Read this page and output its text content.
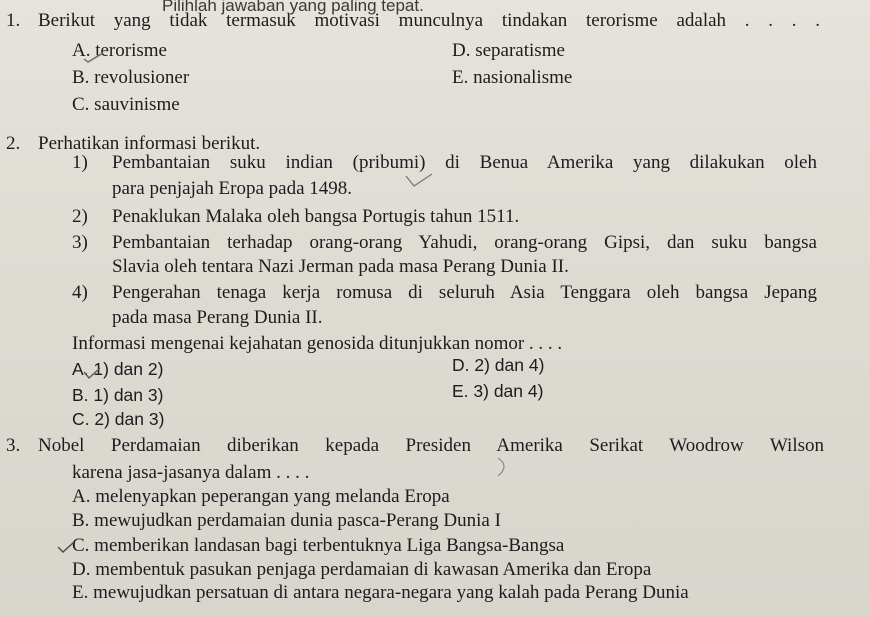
Pilihlah jawaban yang paling tepat.
1. Berikut yang tidak termasuk motivasi munculnya tindakan terorisme adalah . . . .
A. terorisme
B. revolusioner
C. sauvinisme
D. separatisme
E. nasionalisme
2. Perhatikan informasi berikut.
1) Pembantaian suku indian (pribumi) di Benua Amerika yang dilakukan oleh
para penjajah Eropa pada 1498.
2) Penaklukan Malaka oleh bangsa Portugis tahun 1511.
3) Pembantaian terhadap orang-orang Yahudi, orang-orang Gipsi, dan suku bangsa
Slavia oleh tentara Nazi Jerman pada masa Perang Dunia II.
4) Pengerahan tenaga kerja romusa di seluruh Asia Tenggara oleh bangsa Jepang
pada masa Perang Dunia II.
Informasi mengenai kejahatan genosida ditunjukkan nomor . . . .
A. 1) dan 2)
B. 1) dan 3)
C. 2) dan 3)
D. 2) dan 4)
E. 3) dan 4)
3. Nobel Perdamaian diberikan kepada Presiden Amerika Serikat Woodrow Wilson
karena jasa-jasanya dalam . . . .
A. melenyapkan peperangan yang melanda Eropa
B. mewujudkan perdamaian dunia pasca-Perang Dunia I
C. memberikan landasan bagi terbentuknya Liga Bangsa-Bangsa
D. membentuk pasukan penjaga perdamaian di kawasan Amerika dan Eropa
E. mewujudkan persatuan di antara negara-negara yang kalah pada Perang Dunia
